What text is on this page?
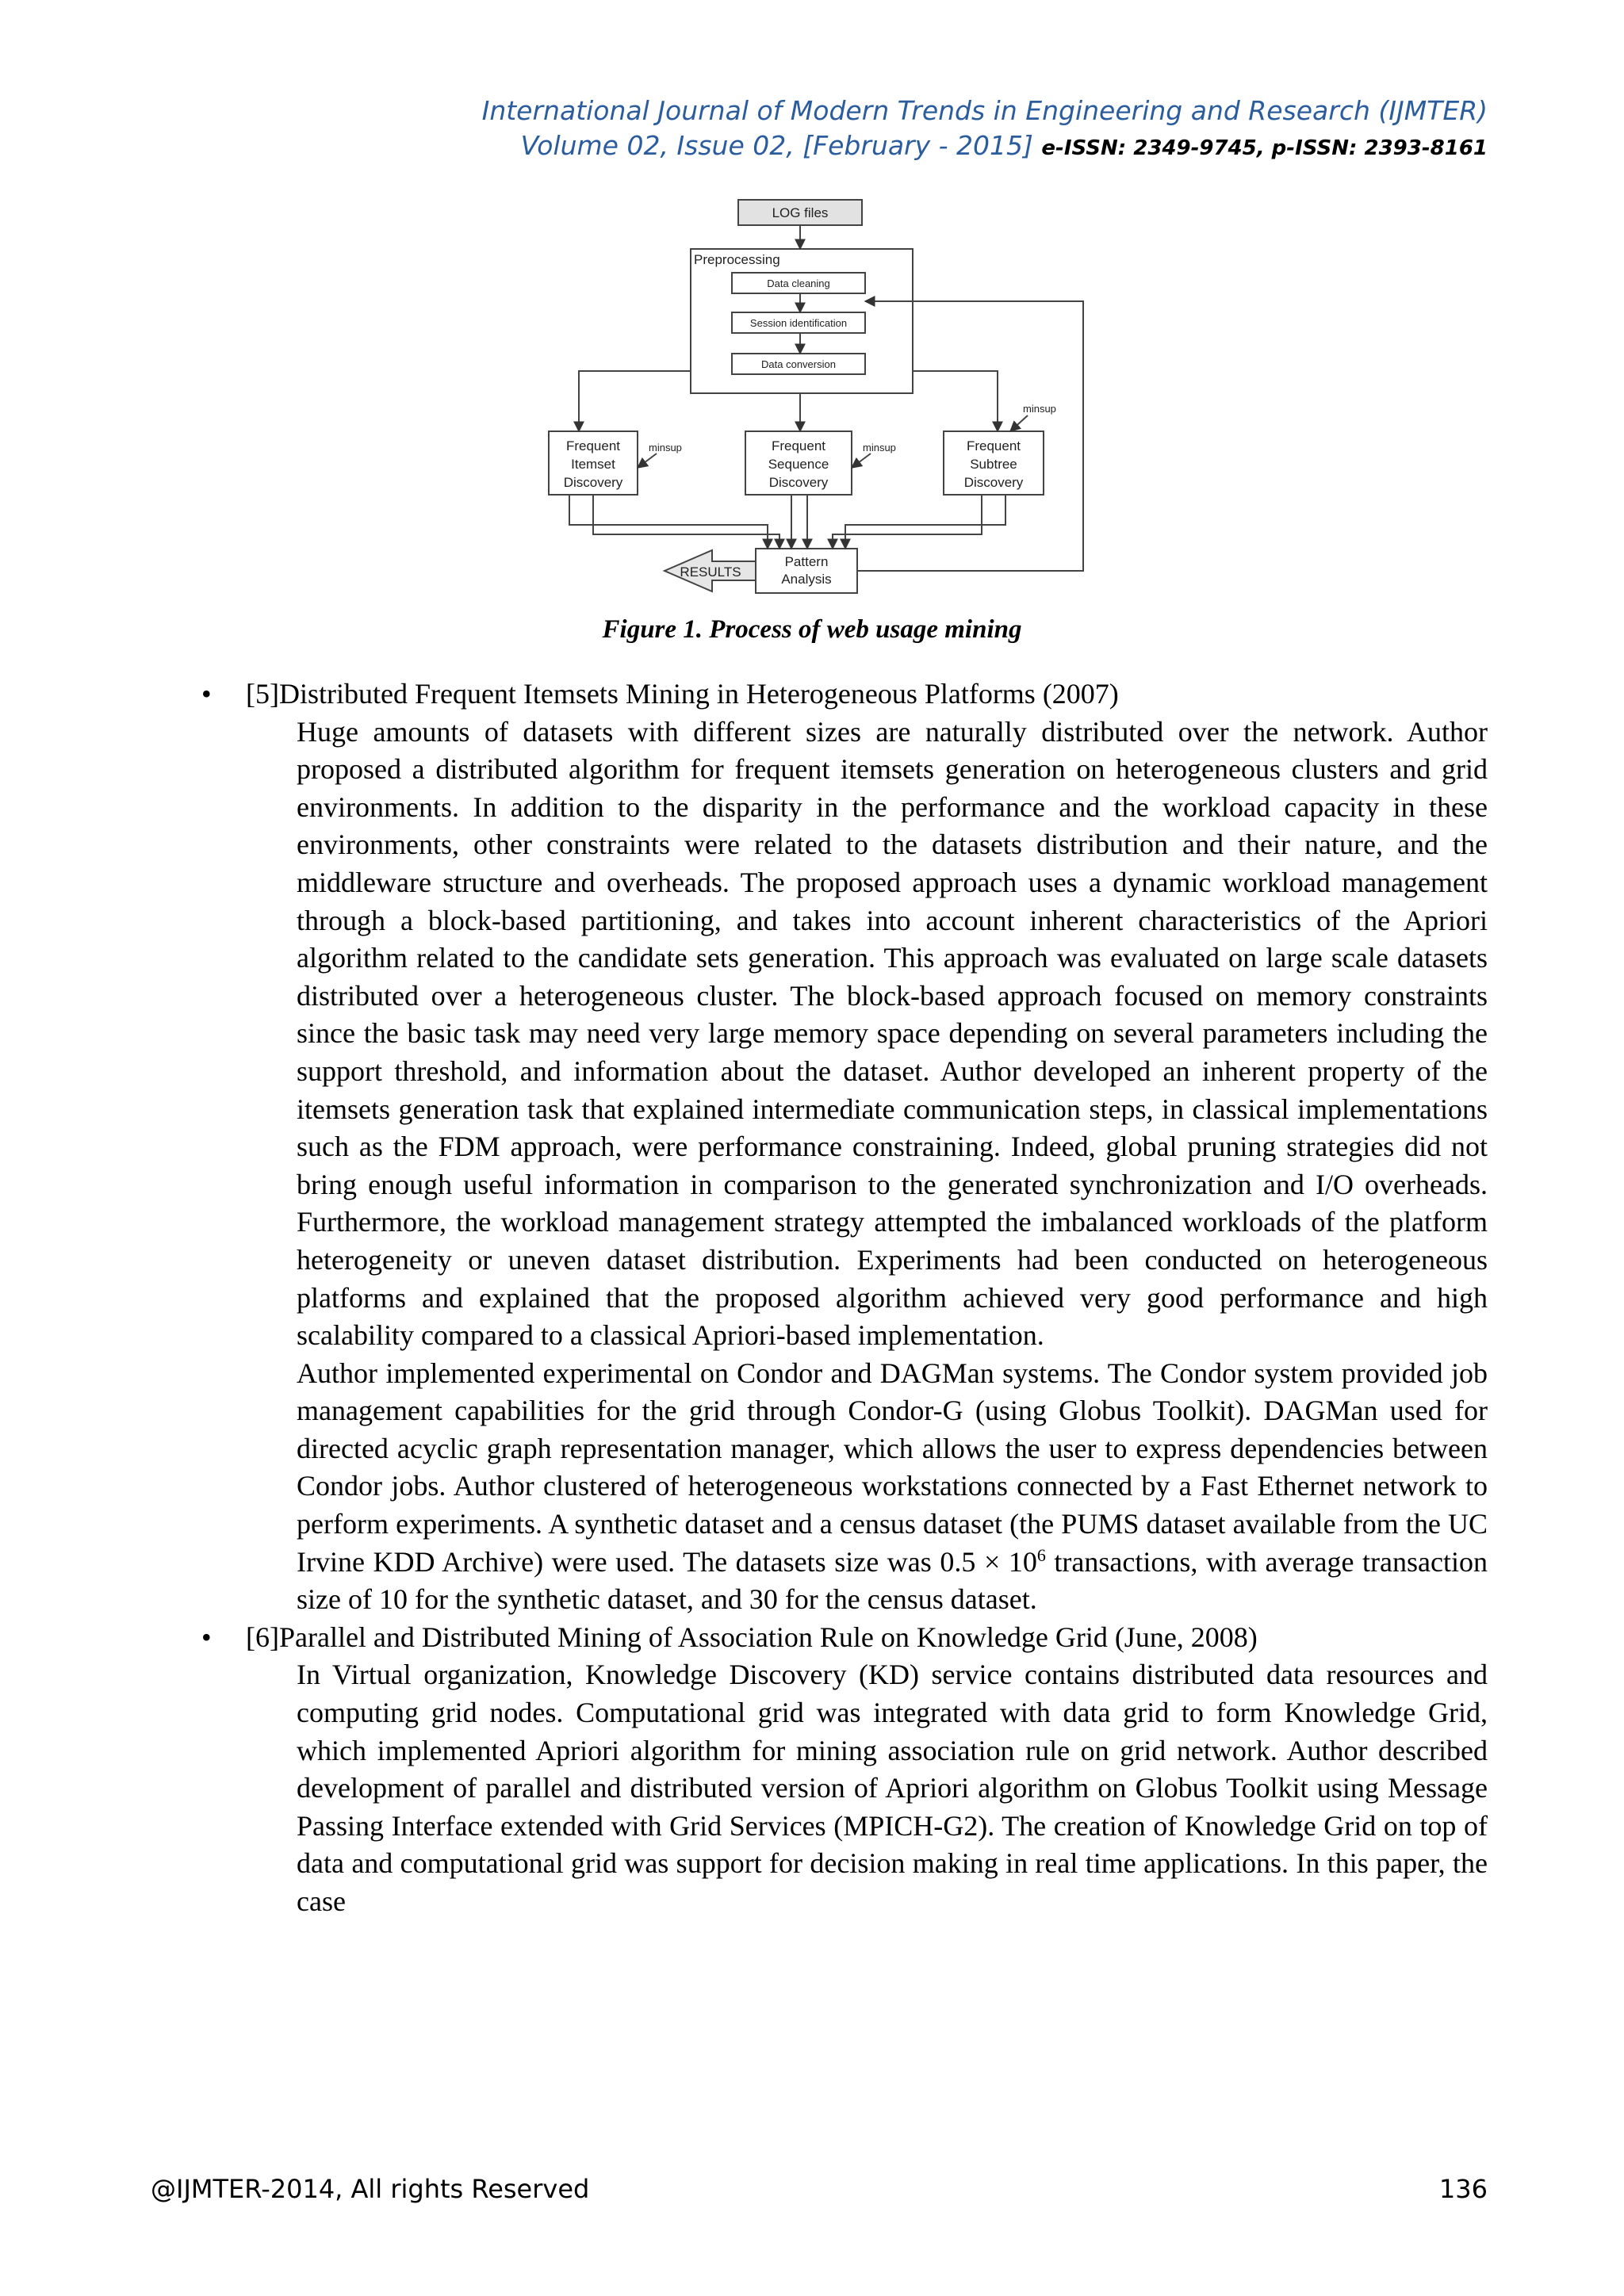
International Journal of Modern Trends in Engineering and Research (IJMTER)
Volume 02, Issue 02, [February - 2015] e-ISSN: 2349-9745, p-ISSN: 2393-8161
LOG files
Preprocessing
Data cleaning
Session identification
Data conversion
Frequent
Itemset
Discovery
Frequent
Sequence
Discovery
Frequent
Subtree
Discovery
minsup	minsup
minsup
Pattern
Analysis
RESULTS
Figure 1. Process of web usage mining
• [5]Distributed Frequent Itemsets Mining in Heterogeneous Platforms (2007)
Huge amounts of datasets with different sizes are naturally distributed over the network. Author proposed a distributed algorithm for frequent itemsets generation on heterogeneous clusters and grid environments. In addition to the disparity in the performance and the workload capacity in these environments, other constraints were related to the datasets distribution and their nature, and the middleware structure and overheads. The proposed approach uses a dynamic workload management through a block-based partitioning, and takes into account inherent characteristics of the Apriori algorithm related to the candidate sets generation. This approach was evaluated on large scale datasets distributed over a heterogeneous cluster. The block-based approach focused on memory constraints since the basic task may need very large memory space depending on several parameters including the support threshold, and information about the dataset. Author developed an inherent property of the itemsets generation task that explained intermediate communication steps, in classical implementations such as the FDM approach, were performance constraining. Indeed, global pruning strategies did not bring enough useful information in comparison to the generated synchronization and I/O overheads. Furthermore, the workload management strategy attempted the imbalanced workloads of the platform heterogeneity or uneven dataset distribution. Experiments had been conducted on heterogeneous platforms and explained that the proposed algorithm achieved very good performance and high scalability compared to a classical Apriori-based implementation.
Author implemented experimental on Condor and DAGMan systems. The Condor system provided job management capabilities for the grid through Condor-G (using Globus Toolkit). DAGMan used for directed acyclic graph representation manager, which allows the user to express dependencies between Condor jobs. Author clustered of heterogeneous workstations connected by a Fast Ethernet network to perform experiments. A synthetic dataset and a census dataset (the PUMS dataset available from the UC Irvine KDD Archive) were used. The datasets size was $0.5 \times 10^6$ transactions, with average transaction size of 10 for the synthetic dataset, and 30 for the census dataset.
• [6]Parallel and Distributed Mining of Association Rule on Knowledge Grid (June, 2008)
In Virtual organization, Knowledge Discovery (KD) service contains distributed data resources and computing grid nodes. Computational grid was integrated with data grid to form Knowledge Grid, which implemented Apriori algorithm for mining association rule on grid network. Author described development of parallel and distributed version of Apriori algorithm on Globus Toolkit using Message Passing Interface extended with Grid Services (MPICH-G2). The creation of Knowledge Grid on top of data and computational grid was support for decision making in real time applications. In this paper, the case
@IJMTER-2014, All rights Reserved	136
